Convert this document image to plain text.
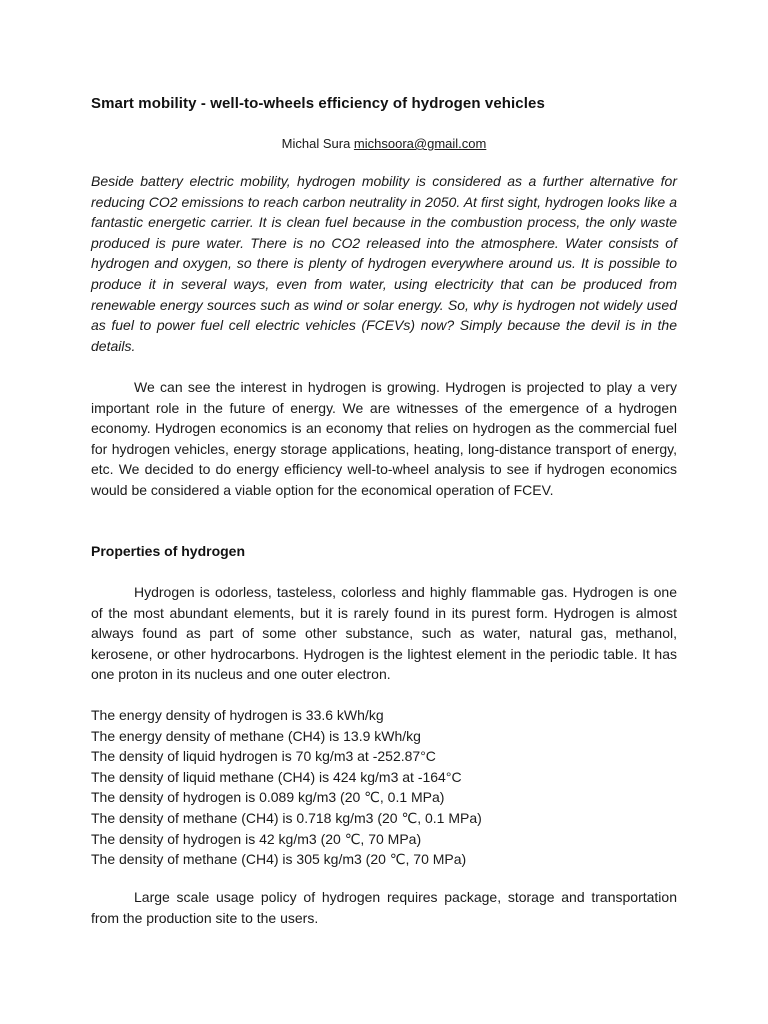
Smart mobility - well-to-wheels efficiency of hydrogen vehicles
Michal Sura michsoora@gmail.com

Beside battery electric mobility, hydrogen mobility is considered as a further alternative for reducing CO2 emissions to reach carbon neutrality in 2050. At first sight, hydrogen looks like a fantastic energetic carrier. It is clean fuel because in the combustion process, the only waste produced is pure water. There is no CO2 released into the atmosphere. Water consists of hydrogen and oxygen, so there is plenty of hydrogen everywhere around us. It is possible to produce it in several ways, even from water, using electricity that can be produced from renewable energy sources such as wind or solar energy. So, why is hydrogen not widely used as fuel to power fuel cell electric vehicles (FCEVs) now? Simply because the devil is in the details.

We can see the interest in hydrogen is growing. Hydrogen is projected to play a very important role in the future of energy. We are witnesses of the emergence of a hydrogen economy. Hydrogen economics is an economy that relies on hydrogen as the commercial fuel for hydrogen vehicles, energy storage applications, heating, long-distance transport of energy, etc. We decided to do energy efficiency well-to-wheel analysis to see if hydrogen economics would be considered a viable option for the economical operation of FCEV.

Properties of hydrogen

Hydrogen is odorless, tasteless, colorless and highly flammable gas. Hydrogen is one of the most abundant elements, but it is rarely found in its purest form. Hydrogen is almost always found as part of some other substance, such as water, natural gas, methanol, kerosene, or other hydrocarbons. Hydrogen is the lightest element in the periodic table. It has one proton in its nucleus and one outer electron.

The energy density of hydrogen is 33.6 kWh/kg
The energy density of methane (CH4) is 13.9 kWh/kg
The density of liquid hydrogen is 70 kg/m3 at -252.87°C
The density of liquid methane (CH4) is 424 kg/m3 at -164°C
The density of hydrogen is 0.089 kg/m3 (20 ℃, 0.1 MPa)
The density of methane (CH4) is 0.718 kg/m3 (20 ℃, 0.1 MPa)
The density of hydrogen is 42 kg/m3 (20 ℃, 70 MPa)
The density of methane (CH4) is 305 kg/m3 (20 ℃, 70 MPa)

Large scale usage policy of hydrogen requires package, storage and transportation from the production site to the users.
